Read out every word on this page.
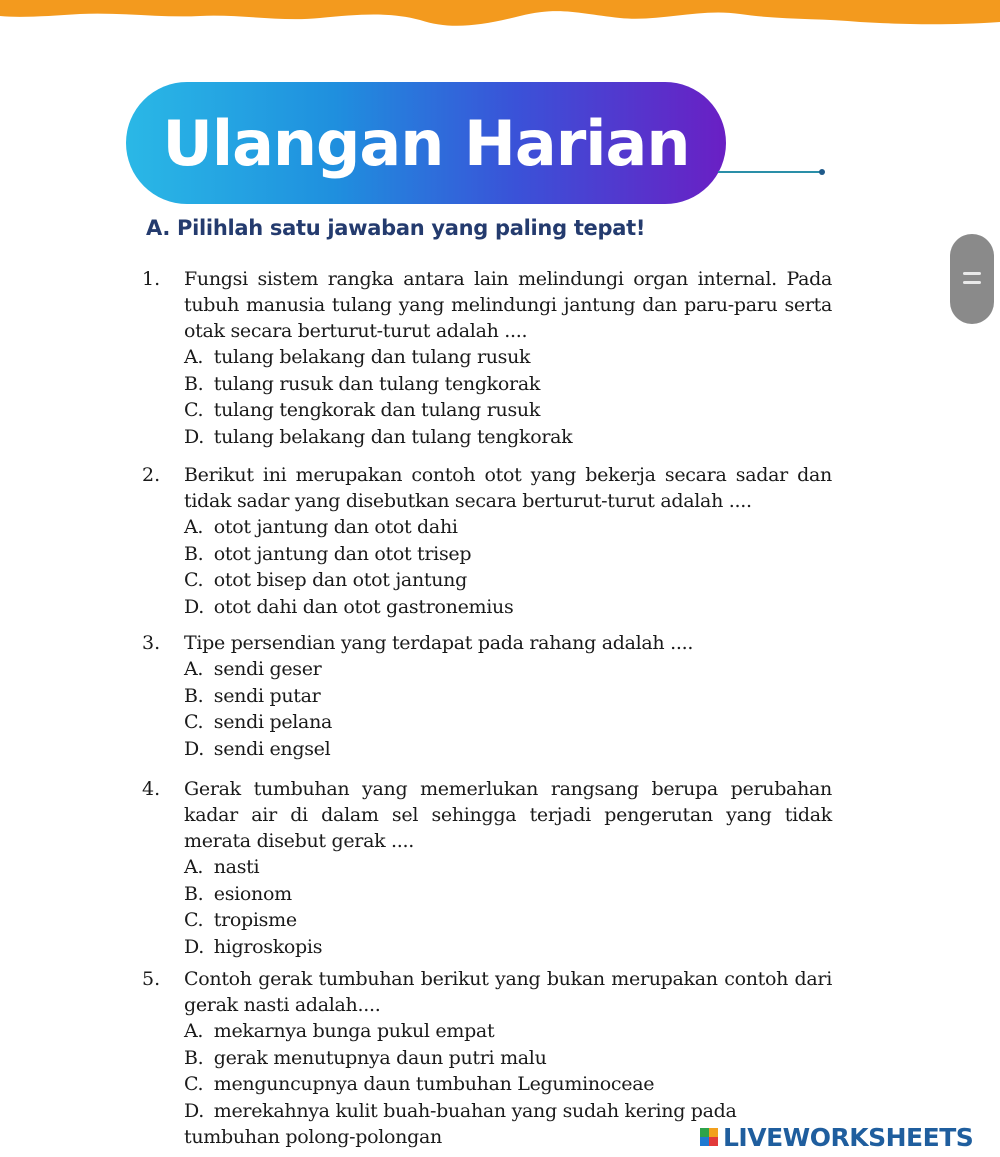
Ulangan Harian
A. Pilihlah satu jawaban yang paling tepat!
1.	Fungsi sistem rangka antara lain melindungi organ internal. Pada tubuh manusia tulang yang melindungi jantung dan paru-paru serta otak secara berturut-turut adalah ....
A. tulang belakang dan tulang rusuk
B. tulang rusuk dan tulang tengkorak
C. tulang tengkorak dan tulang rusuk
D. tulang belakang dan tulang tengkorak
2.	Berikut ini merupakan contoh otot yang bekerja secara sadar dan tidak sadar yang disebutkan secara berturut-turut adalah ....
A. otot jantung dan otot dahi
B. otot jantung dan otot trisep
C. otot bisep dan otot jantung
D. otot dahi dan otot gastronemius
3.	Tipe persendian yang terdapat pada rahang adalah ....
A. sendi geser
B. sendi putar
C. sendi pelana
D. sendi engsel
4.	Gerak tumbuhan yang memerlukan rangsang berupa perubahan kadar air di dalam sel sehingga terjadi pengerutan yang tidak merata disebut gerak ....
A. nasti
B. esionom
C. tropisme
D. higroskopis
5.	Contoh gerak tumbuhan berikut yang bukan merupakan contoh dari gerak nasti adalah....
A. mekarnya bunga pukul empat
B. gerak menutupnya daun putri malu
C. menguncupnya daun tumbuhan Leguminoceae
D. merekahnya kulit buah-buahan yang sudah kering pada tumbuhan polong-polongan	LIVEWORKSHEETS
